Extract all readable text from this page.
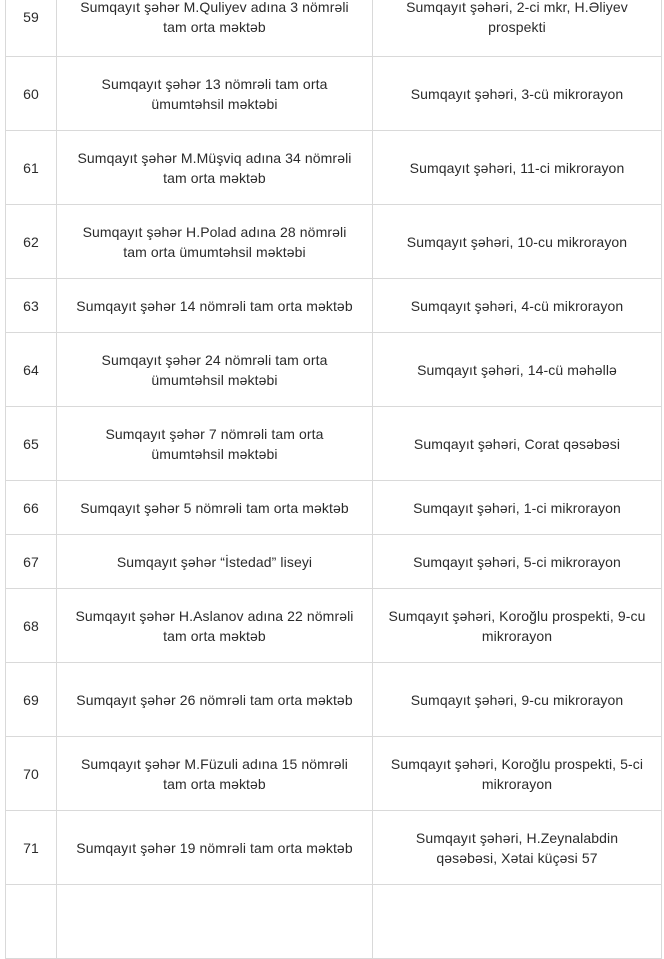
59	Sumqayıt şəhər M.Quliyev adına 3 nömrəli tam orta məktəb	Sumqayıt şəhəri, 2-ci mkr, H.Əliyev prospekti
60	Sumqayıt şəhər 13 nömrəli tam orta ümumtəhsil məktəbi	Sumqayıt şəhəri, 3-cü mikrorayon
61	Sumqayıt şəhər M.Müşviq adına 34 nömrəli tam orta məktəb	Sumqayıt şəhəri, 11-ci mikrorayon
62	Sumqayıt şəhər H.Polad adına 28 nömrəli tam orta ümumtəhsil məktəbi	Sumqayıt şəhəri, 10-cu mikrorayon
63	Sumqayıt şəhər 14 nömrəli tam orta məktəb	Sumqayıt şəhəri, 4-cü mikrorayon
64	Sumqayıt şəhər 24 nömrəli tam orta ümumtəhsil məktəbi	Sumqayıt şəhəri, 14-cü məhəllə
65	Sumqayıt şəhər 7 nömrəli tam orta ümumtəhsil məktəbi	Sumqayıt şəhəri, Corat qəsəbəsi
66	Sumqayıt şəhər 5 nömrəli tam orta məktəb	Sumqayıt şəhəri, 1-ci mikrorayon
67	Sumqayıt şəhər “İstedad” liseyi	Sumqayıt şəhəri, 5-ci mikrorayon
68	Sumqayıt şəhər H.Aslanov adına 22 nömrəli tam orta məktəb	Sumqayıt şəhəri, Koroğlu prospekti, 9-cu mikrorayon
69	Sumqayıt şəhər 26 nömrəli tam orta məktəb	Sumqayıt şəhəri, 9-cu mikrorayon
70	Sumqayıt şəhər M.Füzuli adına 15 nömrəli tam orta məktəb	Sumqayıt şəhəri, Koroğlu prospekti, 5-ci mikrorayon
71	Sumqayıt şəhər 19 nömrəli tam orta məktəb	Sumqayıt şəhəri, H.Zeynalabdin qəsəbəsi, Xətai küçəsi 57
